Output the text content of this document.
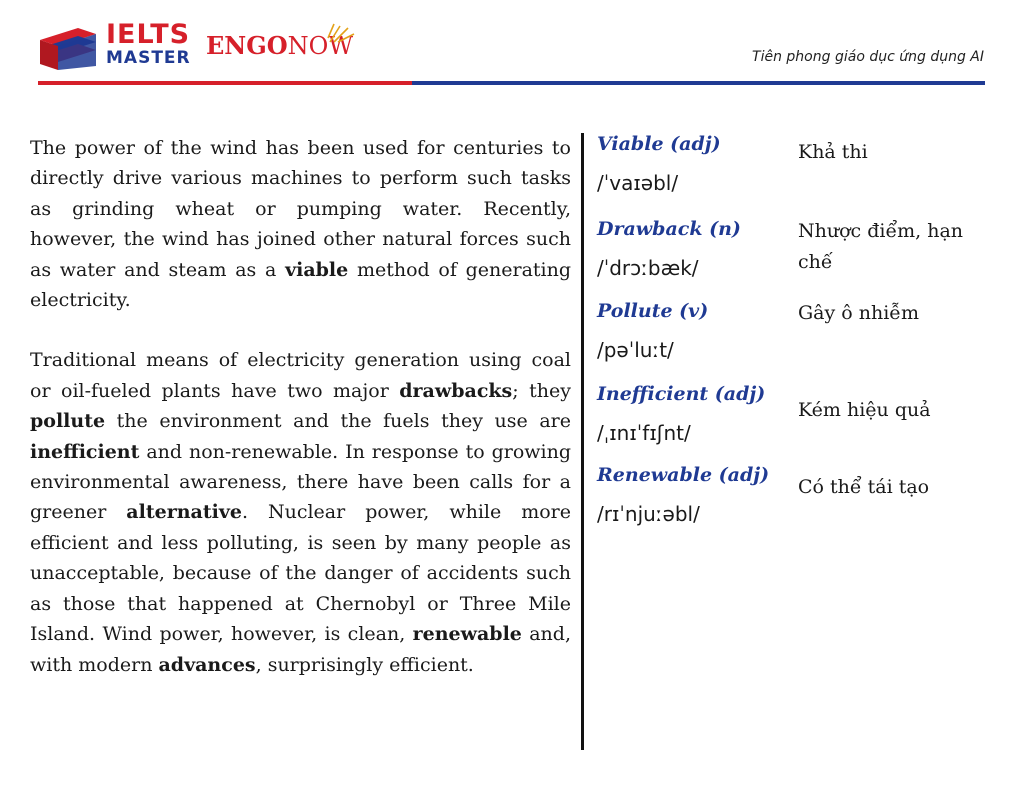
IELTS
MASTER ENGONOW	Tiên phong giáo dục ứng dụng AI

The power of the wind has been used for centuries to directly drive various machines to perform such tasks as grinding wheat or pumping water. Recently, however, the wind has joined other natural forces such as water and steam as a viable method of generating electricity.

Traditional means of electricity generation using coal or oil-fueled plants have two major drawbacks; they pollute the environment and the fuels they use are inefficient and non-renewable. In response to growing environmental awareness, there have been calls for a greener alternative. Nuclear power, while more efficient and less polluting, is seen by many people as unacceptable, because of the danger of accidents such as those that happened at Chernobyl or Three Mile Island. Wind power, however, is clean, renewable and, with modern advances, surprisingly efficient.

Viable (adj)
/ˈvaɪəbl/
Khả thi
Drawback (n)
/ˈdrɔːbæk/
Nhược điểm, hạn chế
Pollute (v)
/pəˈluːt/
Gây ô nhiễm
Inefficient (adj)
/ˌɪnɪˈfɪʃnt/
Kém hiệu quả
Renewable (adj)
/rɪˈnjuːəbl/
Có thể tái tạo
